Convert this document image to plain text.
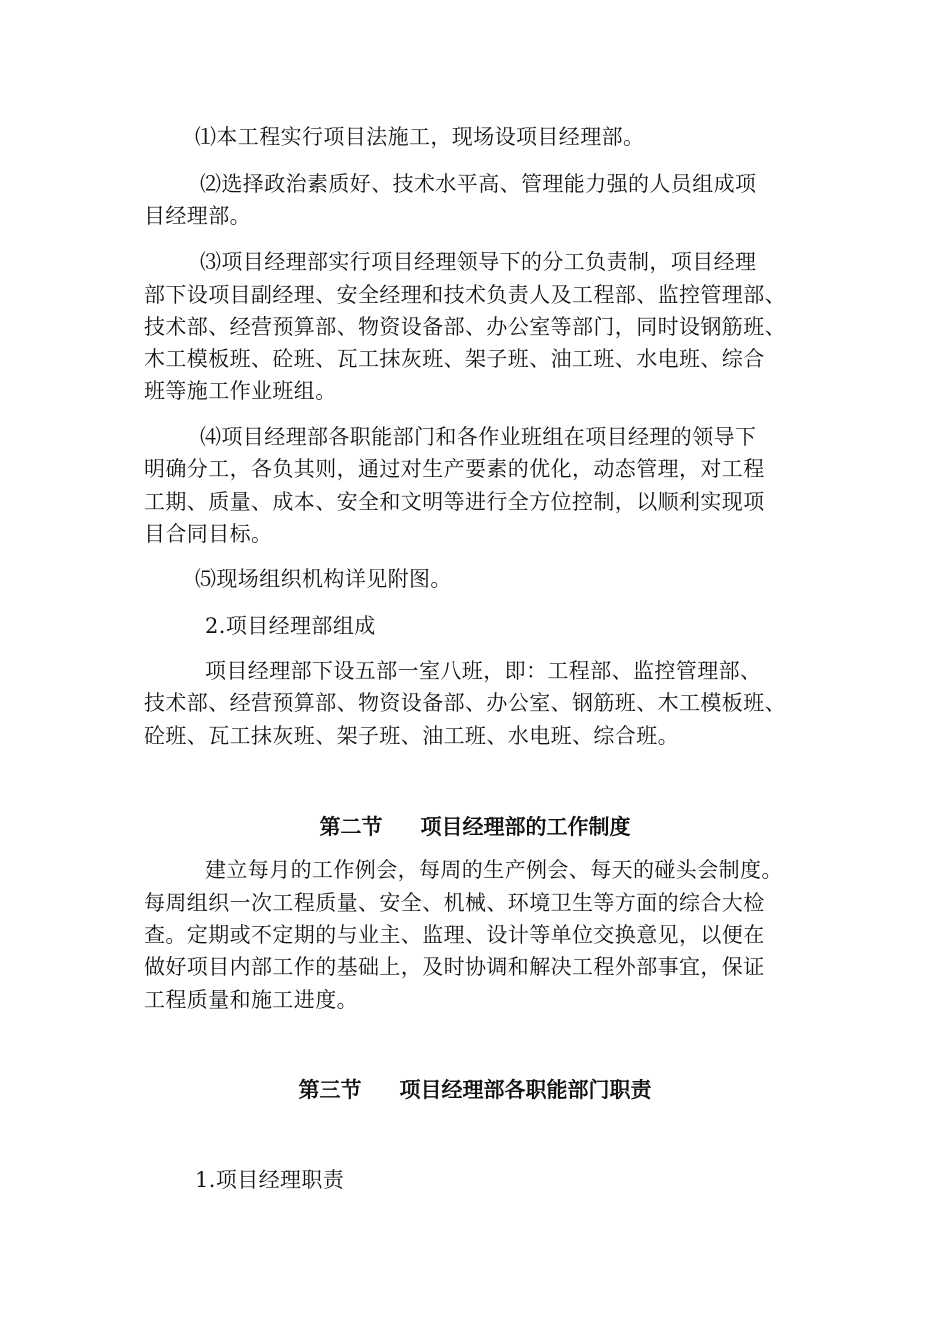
⑴本工程实行项目法施工，现场设项目经理部。
⑵选择政治素质好、技术水平高、管理能力强的人员组成项
目经理部。
⑶项目经理部实行项目经理领导下的分工负责制，项目经理
部下设项目副经理、安全经理和技术负责人及工程部、监控管理部、
技术部、经营预算部、物资设备部、办公室等部门，同时设钢筋班、
木工模板班、砼班、瓦工抹灰班、架子班、油工班、水电班、综合
班等施工作业班组。
⑷项目经理部各职能部门和各作业班组在项目经理的领导下
明确分工，各负其则，通过对生产要素的优化，动态管理，对工程
工期、质量、成本、安全和文明等进行全方位控制，以顺利实现项
目合同目标。
⑸现场组织机构详见附图。
2.项目经理部组成
项目经理部下设五部一室八班，即：工程部、监控管理部、
技术部、经营预算部、物资设备部、办公室、钢筋班、木工模板班、
砼班、瓦工抹灰班、架子班、油工班、水电班、综合班。
第二节 项目经理部的工作制度
建立每月的工作例会，每周的生产例会、每天的碰头会制度。
每周组织一次工程质量、安全、机械、环境卫生等方面的综合大检
查。定期或不定期的与业主、监理、设计等单位交换意见，以便在
做好项目内部工作的基础上，及时协调和解决工程外部事宜，保证
工程质量和施工进度。
第三节 项目经理部各职能部门职责
1.项目经理职责
